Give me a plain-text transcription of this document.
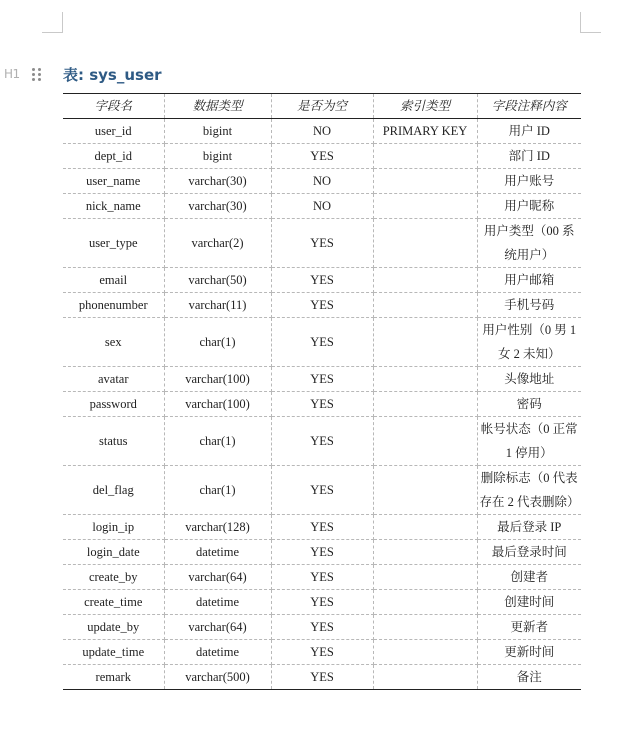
H1	表: sys_user
字段名	数据类型	是否为空	索引类型	字段注释内容
user_id	bigint	NO	PRIMARY KEY	用户 ID
dept_id	bigint	YES		部门 ID
user_name	varchar(30)	NO		用户账号
nick_name	varchar(30)	NO		用户昵称
user_type	varchar(2)	YES		用户类型（00 系统用户）
email	varchar(50)	YES		用户邮箱
phonenumber	varchar(11)	YES		手机号码
sex	char(1)	YES		用户性别（0 男 1 女 2 未知）
avatar	varchar(100)	YES		头像地址
password	varchar(100)	YES		密码
status	char(1)	YES		帐号状态（0 正常 1 停用）
del_flag	char(1)	YES		删除标志（0 代表存在 2 代表删除）
login_ip	varchar(128)	YES		最后登录 IP
login_date	datetime	YES		最后登录时间
create_by	varchar(64)	YES		创建者
create_time	datetime	YES		创建时间
update_by	varchar(64)	YES		更新者
update_time	datetime	YES		更新时间
remark	varchar(500)	YES		备注
